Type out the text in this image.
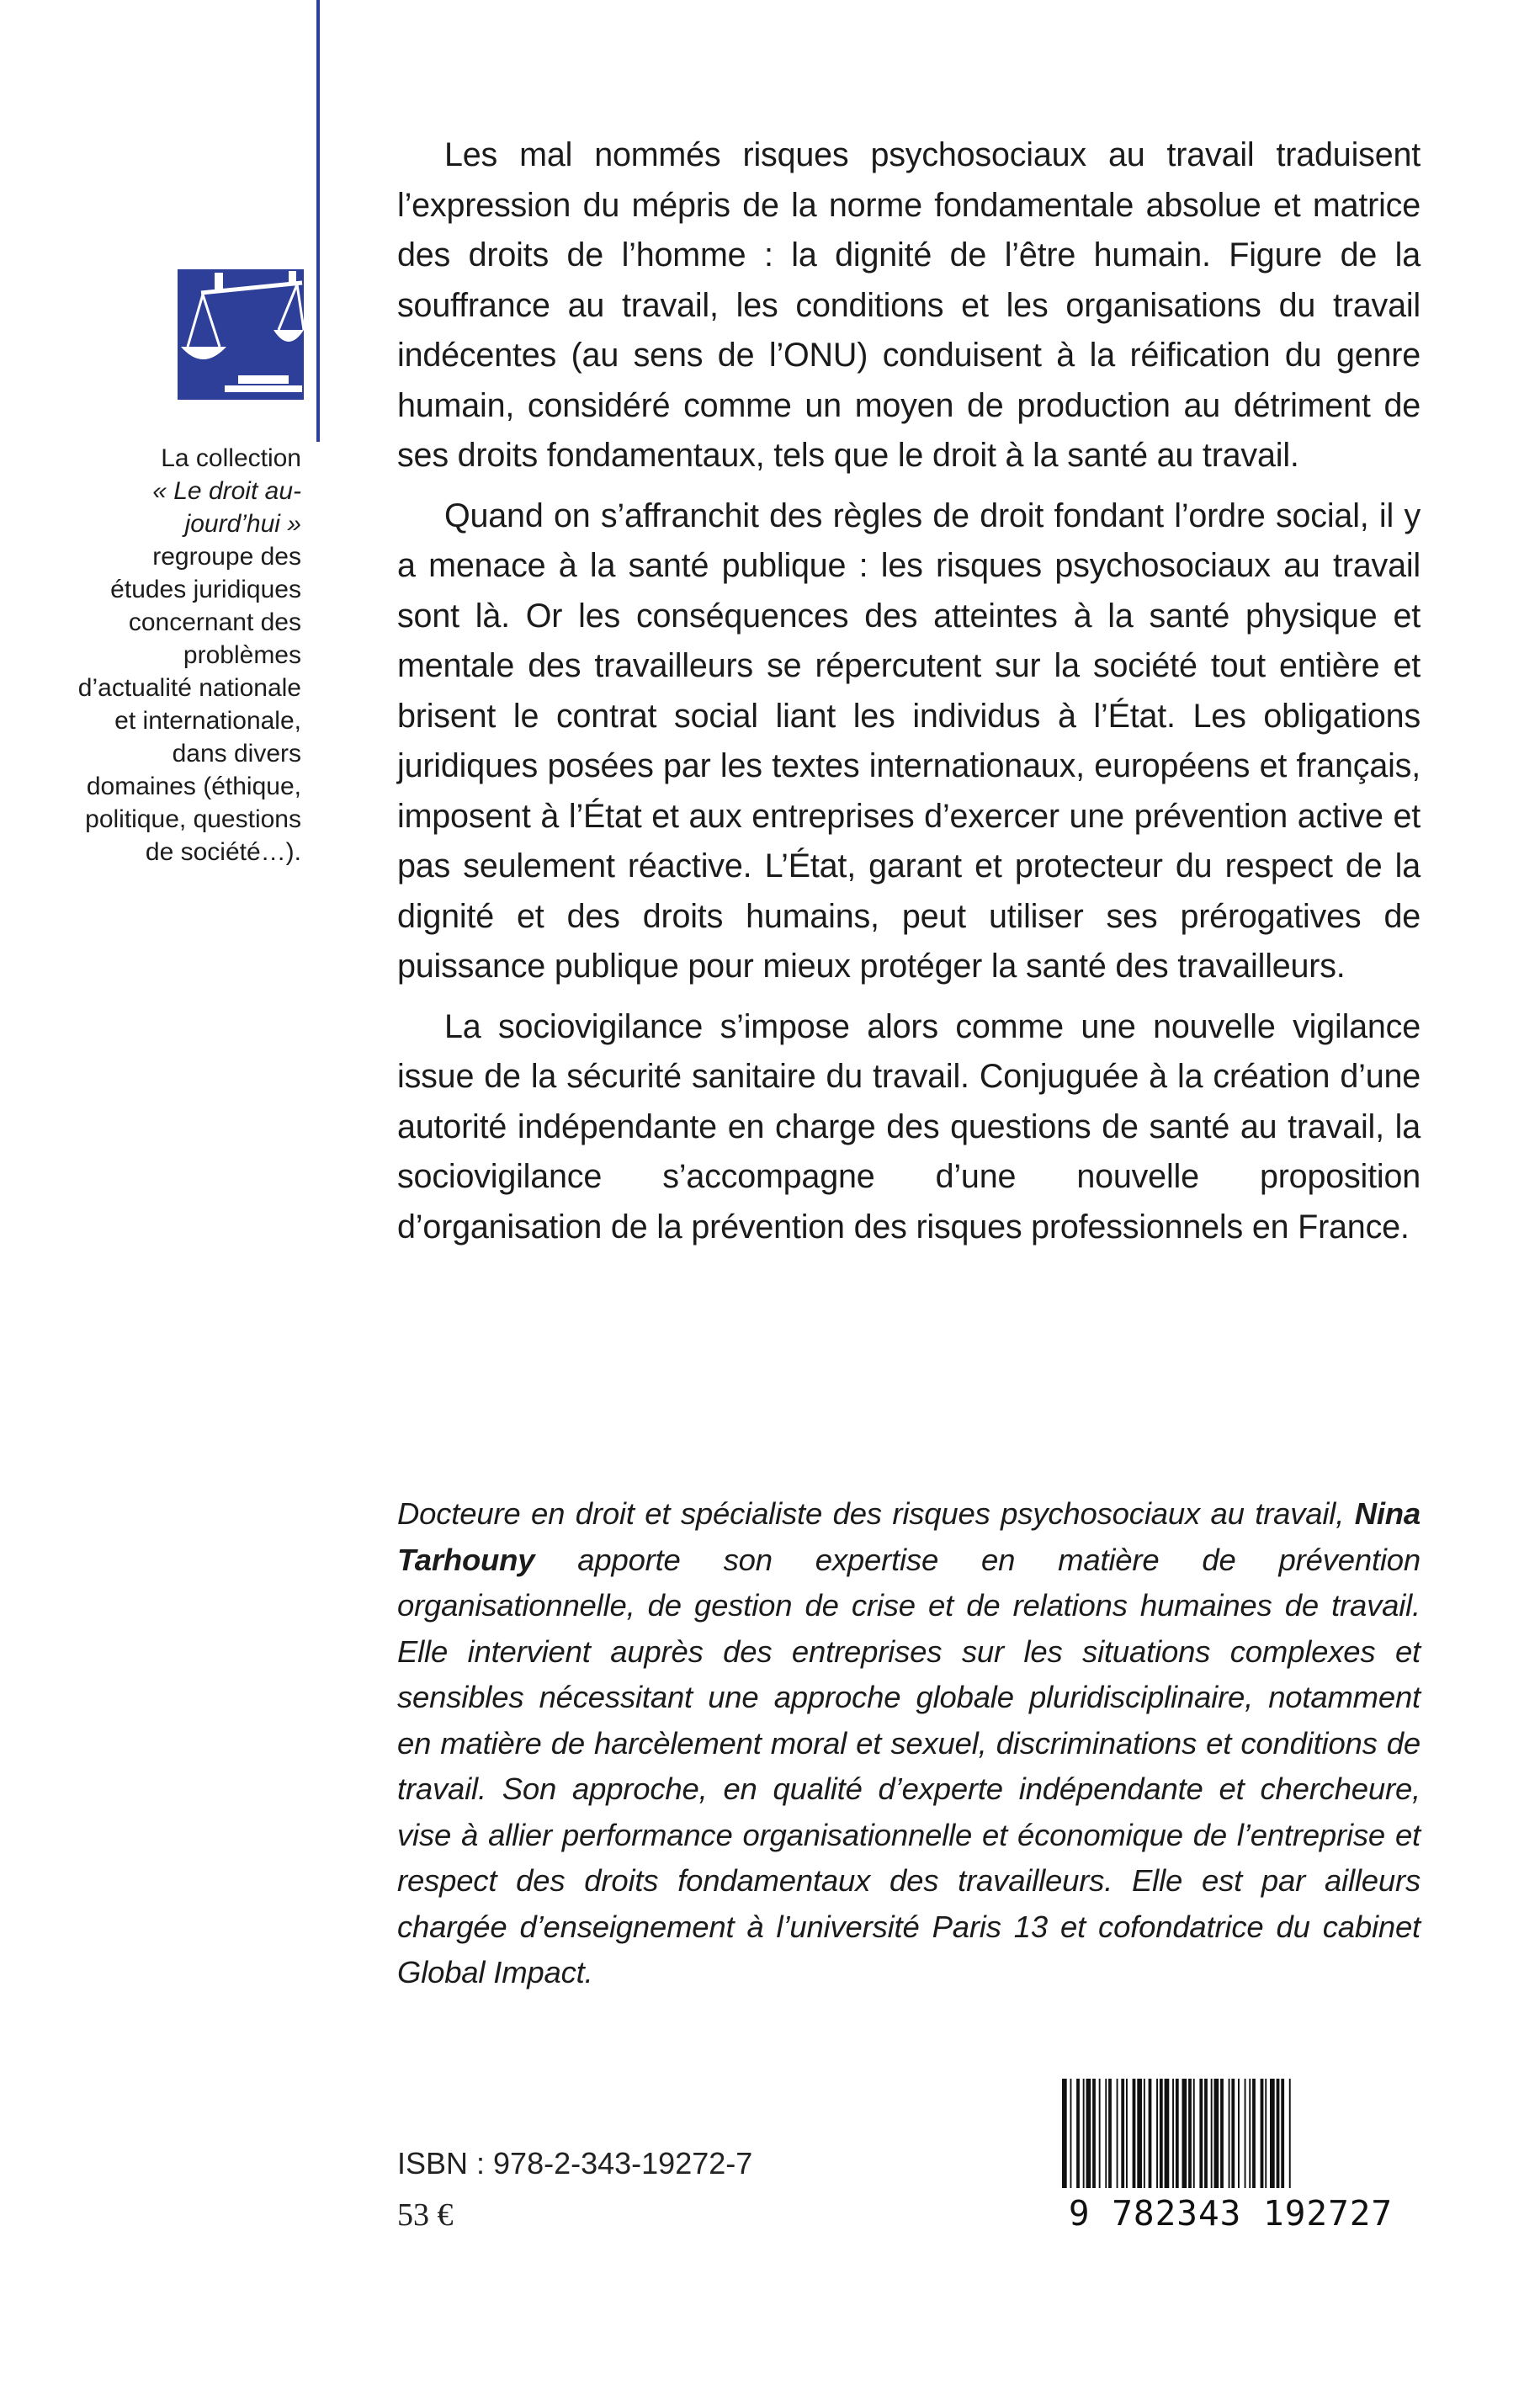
La collection

« Le droit au-jourd’hui »

regroupe des études juridiques concernant des problèmes d’actualité nationale et internationale, dans divers domaines (éthique, politique, questions de société…).

Les mal nommés risques psychosociaux au travail traduisent l’expression du mépris de la norme fondamentale absolue et matrice des droits de l’homme : la dignité de l’être humain. Figure de la souffrance au travail, les conditions et les organisations du travail indécentes (au sens de l’ONU) conduisent à la réification du genre humain, considéré comme un moyen de production au détriment de ses droits fondamentaux, tels que le droit à la santé au travail.

Quand on s’affranchit des règles de droit fondant l’ordre social, il y a menace à la santé publique : les risques psychosociaux au travail sont là. Or les conséquences des atteintes à la santé physique et mentale des travailleurs se répercutent sur la société tout entière et brisent le contrat social liant les individus à l’État. Les obligations juridiques posées par les textes internationaux, européens et français, imposent à l’État et aux entreprises d’exercer une prévention active et pas seulement réactive. L’État, garant et protecteur du respect de la dignité et des droits humains, peut utiliser ses prérogatives de puissance publique pour mieux protéger la santé des travailleurs.

La sociovigilance s’impose alors comme une nouvelle vigilance issue de la sécurité sanitaire du travail. Conjuguée à la création d’une autorité indépendante en charge des questions de santé au travail, la sociovigilance s’accompagne d’une nouvelle proposition d’organisation de la prévention des risques professionnels en France.

Docteure en droit et spécialiste des risques psychosociaux au travail, Nina Tarhouny apporte son expertise en matière de prévention organisationnelle, de gestion de crise et de relations humaines de travail. Elle intervient auprès des entreprises sur les situations complexes et sensibles nécessitant une approche globale pluridisciplinaire, notamment en matière de harcèlement moral et sexuel, discriminations et conditions de travail. Son approche, en qualité d’experte indépendante et chercheure, vise à allier performance organisationnelle et économique de l’entreprise et respect des droits fondamentaux des travailleurs. Elle est par ailleurs chargée d’enseignement à l’université Paris 13 et cofondatrice du cabinet Global Impact.

ISBN : 978-2-343-19272-7
53 €	9 782343 192727
